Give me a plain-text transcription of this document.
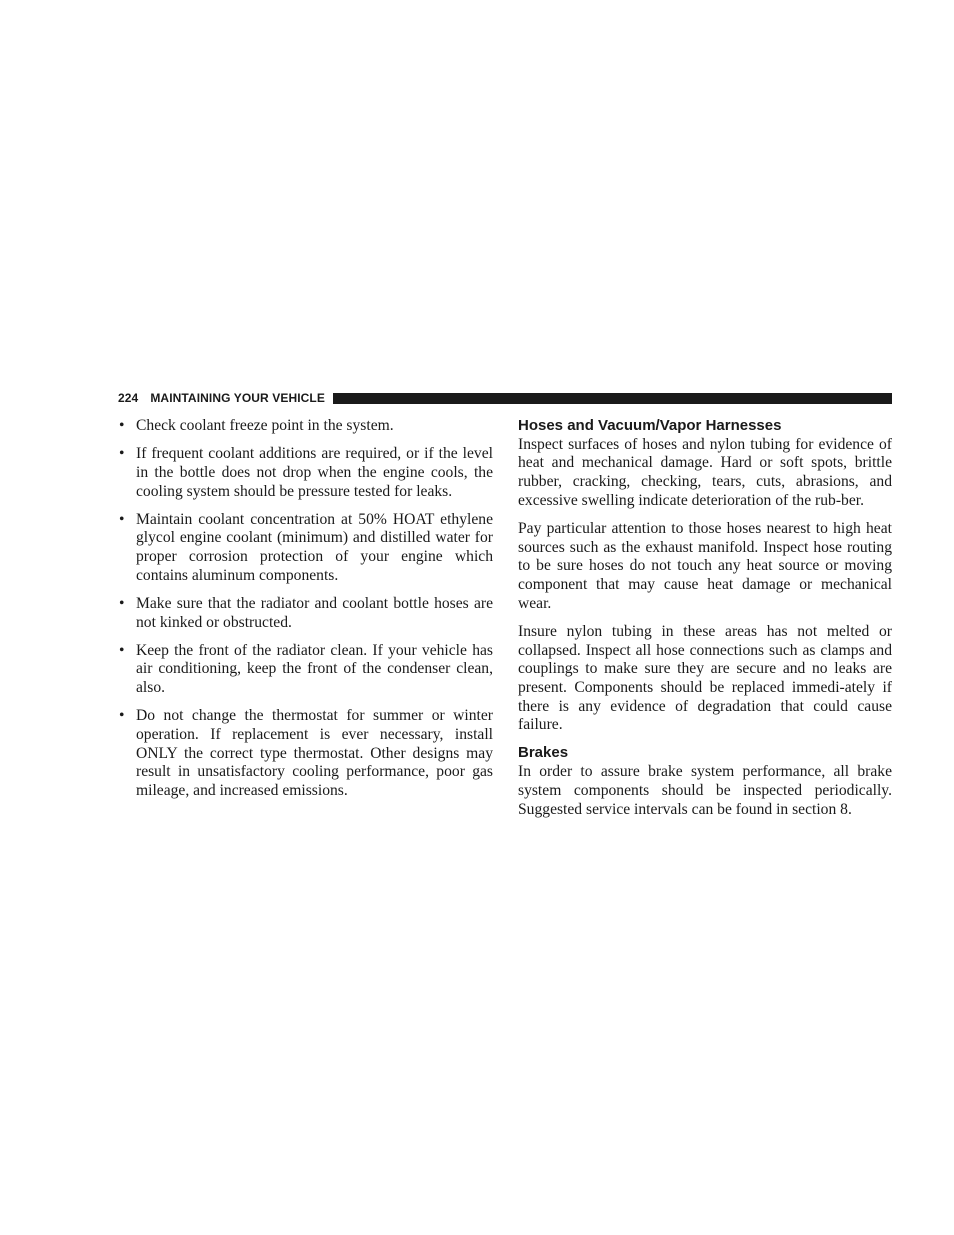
224 MAINTAINING YOUR VEHICLE
• Check coolant freeze point in the system.
• If frequent coolant additions are required, or if the level in the bottle does not drop when the engine cools, the cooling system should be pressure tested for leaks.
• Maintain coolant concentration at 50% HOAT ethylene glycol engine coolant (minimum) and distilled water for proper corrosion protection of your engine which contains aluminum components.
• Make sure that the radiator and coolant bottle hoses are not kinked or obstructed.
• Keep the front of the radiator clean. If your vehicle has air conditioning, keep the front of the condenser clean, also.
• Do not change the thermostat for summer or winter operation. If replacement is ever necessary, install ONLY the correct type thermostat. Other designs may result in unsatisfactory cooling performance, poor gas mileage, and increased emissions.
Hoses and Vacuum/Vapor Harnesses

Inspect surfaces of hoses and nylon tubing for evidence of heat and mechanical damage. Hard or soft spots, brittle rubber, cracking, checking, tears, cuts, abrasions, and excessive swelling indicate deterioration of the rub-ber.

Pay particular attention to those hoses nearest to high heat sources such as the exhaust manifold. Inspect hose routing to be sure hoses do not touch any heat source or moving component that may cause heat damage or mechanical wear.

Insure nylon tubing in these areas has not melted or collapsed. Inspect all hose connections such as clamps and couplings to make sure they are secure and no leaks are present. Components should be replaced immedi-ately if there is any evidence of degradation that could cause failure.

Brakes

In order to assure brake system performance, all brake system components should be inspected periodically. Suggested service intervals can be found in section 8.
